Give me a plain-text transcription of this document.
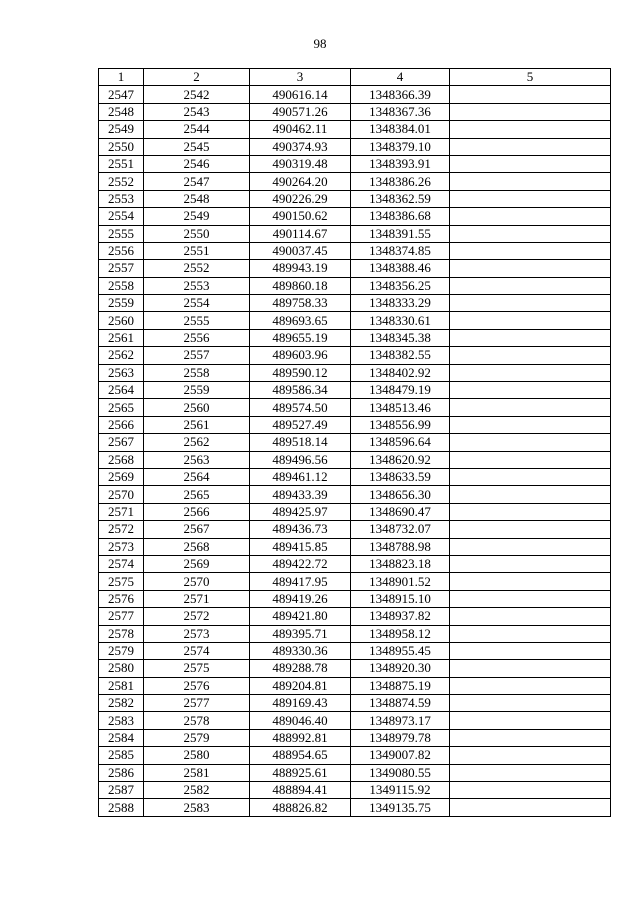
98
1	2	3	4	5
2547	2542	490616.14	1348366.39	
2548	2543	490571.26	1348367.36	
2549	2544	490462.11	1348384.01	
2550	2545	490374.93	1348379.10	
2551	2546	490319.48	1348393.91	
2552	2547	490264.20	1348386.26	
2553	2548	490226.29	1348362.59	
2554	2549	490150.62	1348386.68	
2555	2550	490114.67	1348391.55	
2556	2551	490037.45	1348374.85	
2557	2552	489943.19	1348388.46	
2558	2553	489860.18	1348356.25	
2559	2554	489758.33	1348333.29	
2560	2555	489693.65	1348330.61	
2561	2556	489655.19	1348345.38	
2562	2557	489603.96	1348382.55	
2563	2558	489590.12	1348402.92	
2564	2559	489586.34	1348479.19	
2565	2560	489574.50	1348513.46	
2566	2561	489527.49	1348556.99	
2567	2562	489518.14	1348596.64	
2568	2563	489496.56	1348620.92	
2569	2564	489461.12	1348633.59	
2570	2565	489433.39	1348656.30	
2571	2566	489425.97	1348690.47	
2572	2567	489436.73	1348732.07	
2573	2568	489415.85	1348788.98	
2574	2569	489422.72	1348823.18	
2575	2570	489417.95	1348901.52	
2576	2571	489419.26	1348915.10	
2577	2572	489421.80	1348937.82	
2578	2573	489395.71	1348958.12	
2579	2574	489330.36	1348955.45	
2580	2575	489288.78	1348920.30	
2581	2576	489204.81	1348875.19	
2582	2577	489169.43	1348874.59	
2583	2578	489046.40	1348973.17	
2584	2579	488992.81	1348979.78	
2585	2580	488954.65	1349007.82	
2586	2581	488925.61	1349080.55	
2587	2582	488894.41	1349115.92	
2588	2583	488826.82	1349135.75	
